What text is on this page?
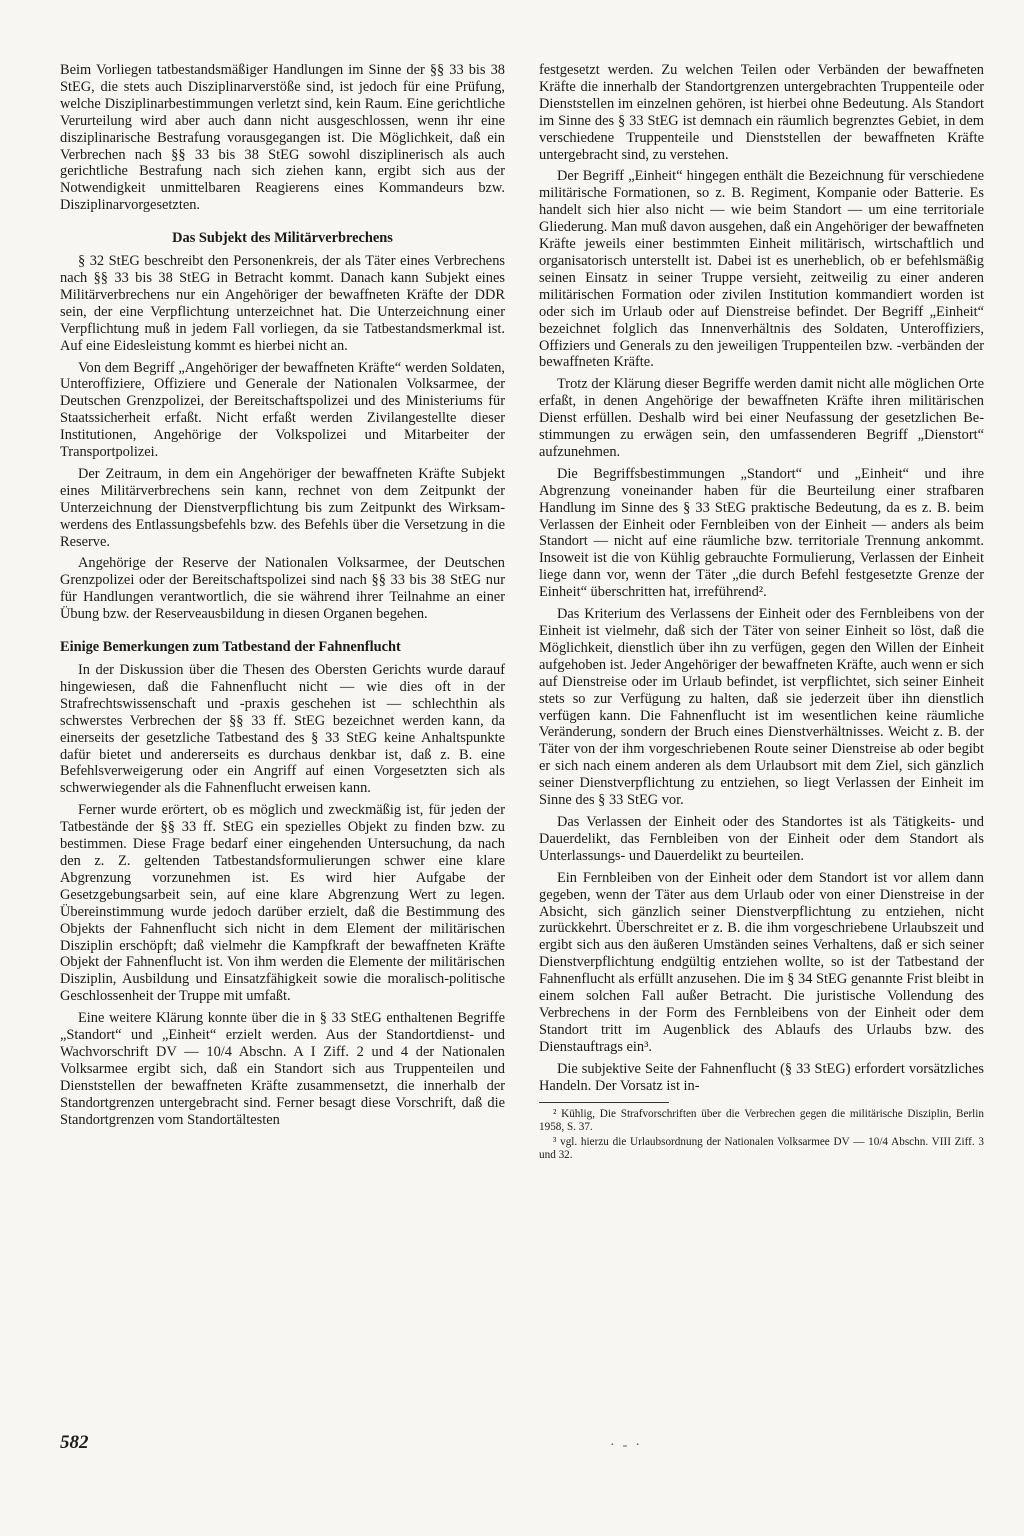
Beim Vorliegen tatbestandsmäßiger Handlungen im Sinne der §§ 33 bis 38 StEG, die stets auch Disziplinarverstöße sind, ist jedoch für eine Prüfung, welche Disziplinarbestimmungen verletzt sind, kein Raum. Eine gerichtliche Verurteilung wird aber auch dann nicht ausgeschlossen, wenn ihr eine disziplinarische Bestrafung vorausgegangen ist. Die Möglichkeit, daß ein Verbrechen nach §§ 33 bis 38 StEG sowohl disziplinerisch als auch gerichtliche Bestrafung nach sich ziehen kann, ergibt sich aus der Notwendigkeit unmittelbaren Reagierens eines Kommandeurs bzw. Disziplinarvorgesetzten.

Das Subjekt des Militärverbrechens

§ 32 StEG beschreibt den Personenkreis, der als Täter eines Verbrechens nach §§ 33 bis 38 StEG in Betracht kommt. Danach kann Subjekt eines Militärverbrechens nur ein Angehöriger der bewaffneten Kräfte der DDR sein, der eine Verpflichtung unterzeichnet hat. Die Unterzeichnung einer Verpflichtung muß in jedem Fall vorliegen, da sie Tatbestandsmerkmal ist. Auf eine Eidesleistung kommt es hierbei nicht an.

Von dem Begriff „Angehöriger der bewaffneten Kräfte“ werden Soldaten, Unteroffiziere, Offiziere und Generale der Nationalen Volksarmee, der Deutschen Grenzpolizei, der Bereitschaftspolizei und des Ministeriums für Staatssicherheit erfaßt. Nicht erfaßt werden Zivilangestellte dieser Institutionen, Angehörige der Volkspolizei und Mitarbeiter der Transportpolizei.

Der Zeitraum, in dem ein Angehöriger der bewaffneten Kräfte Subjekt eines Militärverbrechens sein kann, rechnet von dem Zeitpunkt der Unterzeichnung der Dienstverpflichtung bis zum Zeitpunkt des Wirksamwerdens des Entlassungsbefehls bzw. des Befehls über die Versetzung in die Reserve.

Angehörige der Reserve der Nationalen Volksarmee, der Deutschen Grenzpolizei oder der Bereitschaftspolizei sind nach §§ 33 bis 38 StEG nur für Handlungen verantwortlich, die sie während ihrer Teilnahme an einer Übung bzw. der Reserveausbildung in diesen Organen begehen.

Einige Bemerkungen zum Tatbestand der Fahnenflucht

In der Diskussion über die Thesen des Obersten Gerichts wurde darauf hingewiesen, daß die Fahnenflucht nicht — wie dies oft in der Strafrechtswissenschaft und -praxis geschehen ist — schlechthin als schwerstes Verbrechen der §§ 33 ff. StEG bezeichnet werden kann, da einerseits der gesetzliche Tatbestand des § 33 StEG keine Anhaltspunkte dafür bietet und andererseits es durchaus denkbar ist, daß z. B. eine Befehlsverweigerung oder ein Angriff auf einen Vorgesetzten sich als schwerwiegender als die Fahnenflucht erweisen kann.

Ferner wurde erörtert, ob es möglich und zweckmäßig ist, für jeden der Tatbestände der §§ 33 ff. StEG ein spezielles Objekt zu finden bzw. zu bestimmen. Diese Frage bedarf einer eingehenden Untersuchung, da nach den z. Z. geltenden Tatbestandsformulierungen schwer eine klare Abgrenzung vorzunehmen ist. Es wird hier Aufgabe der Gesetzgebungsarbeit sein, auf eine klare Abgrenzung Wert zu legen. Übereinstimmung wurde jedoch darüber erzielt, daß die Bestimmung des Objekts der Fahnenflucht sich nicht in dem Element der militärischen Disziplin erschöpft; daß vielmehr die Kampfkraft der bewaffneten Kräfte Objekt der Fahnenflucht ist. Von ihm werden die Elemente der militärischen Disziplin, Ausbildung und Einsatzfähigkeit sowie die moralisch-politische Geschlossenheit der Truppe mit umfaßt.

Eine weitere Klärung konnte über die in § 33 StEG enthaltenen Begriffe „Standort“ und „Einheit“ erzielt werden. Aus der Standortdienst- und Wachvorschrift DV — 10/4 Abschn. A I Ziff. 2 und 4 der Nationalen Volksarmee ergibt sich, daß ein Standort sich aus Truppenteilen und Dienststellen der bewaffneten Kräfte zusammensetzt, die innerhalb der Standortgrenzen untergebracht sind. Ferner besagt diese Vorschrift, daß die Standortgrenzen vom Standortältesten

festgesetzt werden. Zu welchen Teilen oder Verbänden der bewaffneten Kräfte die innerhalb der Standortgrenzen untergebrachten Truppenteile oder Dienststellen im einzelnen gehören, ist hierbei ohne Bedeutung. Als Standort im Sinne des § 33 StEG ist demnach ein räumlich begrenztes Gebiet, in dem verschiedene Truppenteile und Dienststellen der bewaffneten Kräfte untergebracht sind, zu verstehen.

Der Begriff „Einheit“ hingegen enthält die Bezeichnung für verschiedene militärische Formationen, so z. B. Regiment, Kompanie oder Batterie. Es handelt sich hier also nicht — wie beim Standort — um eine territoriale Gliederung. Man muß davon ausgehen, daß ein Angehöriger der bewaffneten Kräfte jeweils einer bestimmten Einheit militärisch, wirtschaftlich und organisatorisch unterstellt ist. Dabei ist es unerheblich, ob er befehlsmäßig seinen Einsatz in seiner Truppe versieht, zeitweilig zu einer anderen militärischen Formation oder zivilen Institution kommandiert worden ist oder sich im Urlaub oder auf Dienstreise befindet. Der Begriff „Einheit“ bezeichnet folglich das Innenverhältnis des Soldaten, Unteroffiziers, Offiziers und Generals zu den jeweiligen Truppenteilen bzw. -verbänden der bewaffneten Kräfte.

Trotz der Klärung dieser Begriffe werden damit nicht alle möglichen Orte erfaßt, in denen Angehörige der bewaffneten Kräfte ihren militärischen Dienst erfüllen. Deshalb wird bei einer Neufassung der gesetzlichen Bestimmungen zu erwägen sein, den umfassenderen Begriff „Dienstort“ aufzunehmen.

Die Begriffsbestimmungen „Standort“ und „Einheit“ und ihre Abgrenzung voneinander haben für die Beurteilung einer strafbaren Handlung im Sinne des § 33 StEG praktische Bedeutung, da es z. B. beim Verlassen der Einheit oder Fernbleiben von der Einheit — anders als beim Standort — nicht auf eine räumliche bzw. territoriale Trennung ankommt. Insoweit ist die von Kühlig gebrauchte Formulierung, Verlassen der Einheit liege dann vor, wenn der Täter „die durch Befehl festgesetzte Grenze der Einheit“ überschritten hat, irreführend².

Das Kriterium des Verlassens der Einheit oder des Fernbleibens von der Einheit ist vielmehr, daß sich der Täter von seiner Einheit so löst, daß die Möglichkeit, dienstlich über ihn zu verfügen, gegen den Willen der Einheit aufgehoben ist. Jeder Angehöriger der bewaffneten Kräfte, auch wenn er sich auf Dienstreise oder im Urlaub befindet, ist verpflichtet, sich seiner Einheit stets so zur Verfügung zu halten, daß sie jederzeit über ihn dienstlich verfügen kann. Die Fahnenflucht ist im wesentlichen keine räumliche Veränderung, sondern der Bruch eines Dienstverhältnisses. Weicht z. B. der Täter von der ihm vorgeschriebenen Route seiner Dienstreise ab oder begibt er sich nach einem anderen als dem Urlaubsort mit dem Ziel, sich gänzlich seiner Dienstverpflichtung zu entziehen, so liegt Verlassen der Einheit im Sinne des § 33 StEG vor.

Das Verlassen der Einheit oder des Standortes ist als Tätigkeits- und Dauerdelikt, das Fernbleiben von der Einheit oder dem Standort als Unterlassungs- und Dauerdelikt zu beurteilen.

Ein Fernbleiben von der Einheit oder dem Standort ist vor allem dann gegeben, wenn der Täter aus dem Urlaub oder von einer Dienstreise in der Absicht, sich gänzlich seiner Dienstverpflichtung zu entziehen, nicht zurückkehrt. Überschreitet er z. B. die ihm vorgeschriebene Urlaubszeit und ergibt sich aus den äußeren Umständen seines Verhaltens, daß er sich seiner Dienstverpflichtung endgültig entziehen wollte, so ist der Tatbestand der Fahnenflucht als erfüllt anzusehen. Die im § 34 StEG genannte Frist bleibt in einem solchen Fall außer Betracht. Die juristische Vollendung des Verbrechens in der Form des Fernbleibens von der Einheit oder dem Standort tritt im Augenblick des Ablaufs des Urlaubs bzw. des Dienstauftrags ein³.

Die subjektive Seite der Fahnenflucht (§ 33 StEG) erfordert vorsätzliches Handeln. Der Vorsatz ist in-

² Kühlig, Die Strafvorschriften über die Verbrechen gegen die militärische Disziplin, Berlin 1958, S. 37.

³ vgl. hierzu die Urlaubsordnung der Nationalen Volksarmee DV — 10/4 Abschn. VIII Ziff. 3 und 32.

582	·-·
